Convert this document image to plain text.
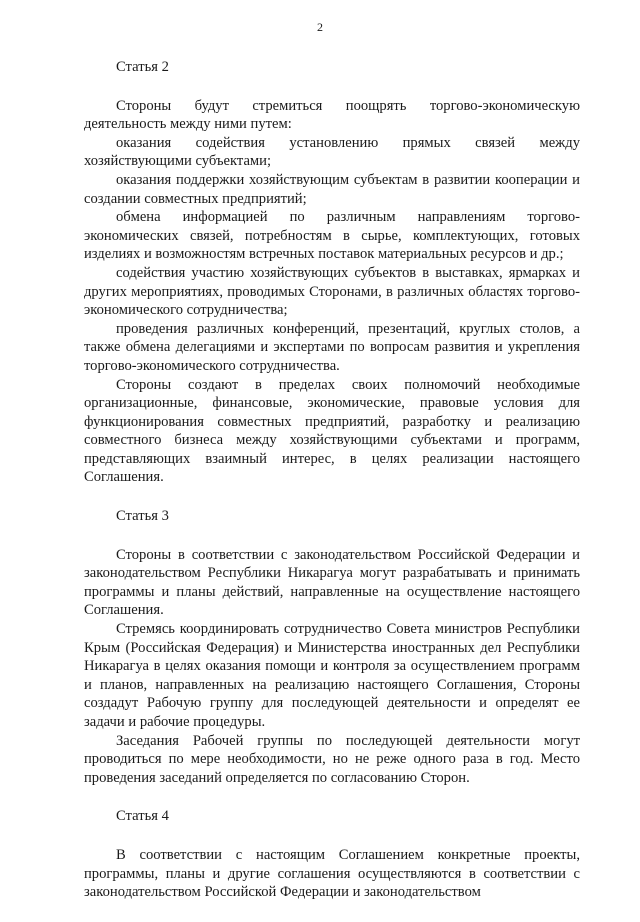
2
Статья 2

Стороны будут стремиться поощрять торгово-экономическую деятельность между ними путем:

оказания содействия установлению прямых связей между хозяйствующими субъектами;

оказания поддержки хозяйствующим субъектам в развитии кооперации и создании совместных предприятий;

обмена информацией по различным направлениям торгово-экономических связей, потребностям в сырье, комплектующих, готовых изделиях и возможностям встречных поставок материальных ресурсов и др.;

содействия участию хозяйствующих субъектов в выставках, ярмарках и других мероприятиях, проводимых Сторонами, в различных областях торгово-экономического сотрудничества;

проведения различных конференций, презентаций, круглых столов, а также обмена делегациями и экспертами по вопросам развития и укрепления торгово-экономического сотрудничества.

Стороны создают в пределах своих полномочий необходимые организационные, финансовые, экономические, правовые условия для функционирования совместных предприятий, разработку и реализацию совместного бизнеса между хозяйствующими субъектами и программ, представляющих взаимный интерес, в целях реализации настоящего Соглашения.

Статья 3

Стороны в соответствии с законодательством Российской Федерации и законодательством Республики Никарагуа могут разрабатывать и принимать программы и планы действий, направленные на осуществление настоящего Соглашения.

Стремясь координировать сотрудничество Совета министров Республики Крым (Российская Федерация) и Министерства иностранных дел Республики Никарагуа в целях оказания помощи и контроля за осуществлением программ и планов, направленных на реализацию настоящего Соглашения, Стороны создадут Рабочую группу для последующей деятельности и определят ее задачи и рабочие процедуры.

Заседания Рабочей группы по последующей деятельности могут проводиться по мере необходимости, но не реже одного раза в год. Место проведения заседаний определяется по согласованию Сторон.

Статья 4

В соответствии с настоящим Соглашением конкретные проекты, программы, планы и другие соглашения осуществляются в соответствии с законодательством Российской Федерации и законодательством
